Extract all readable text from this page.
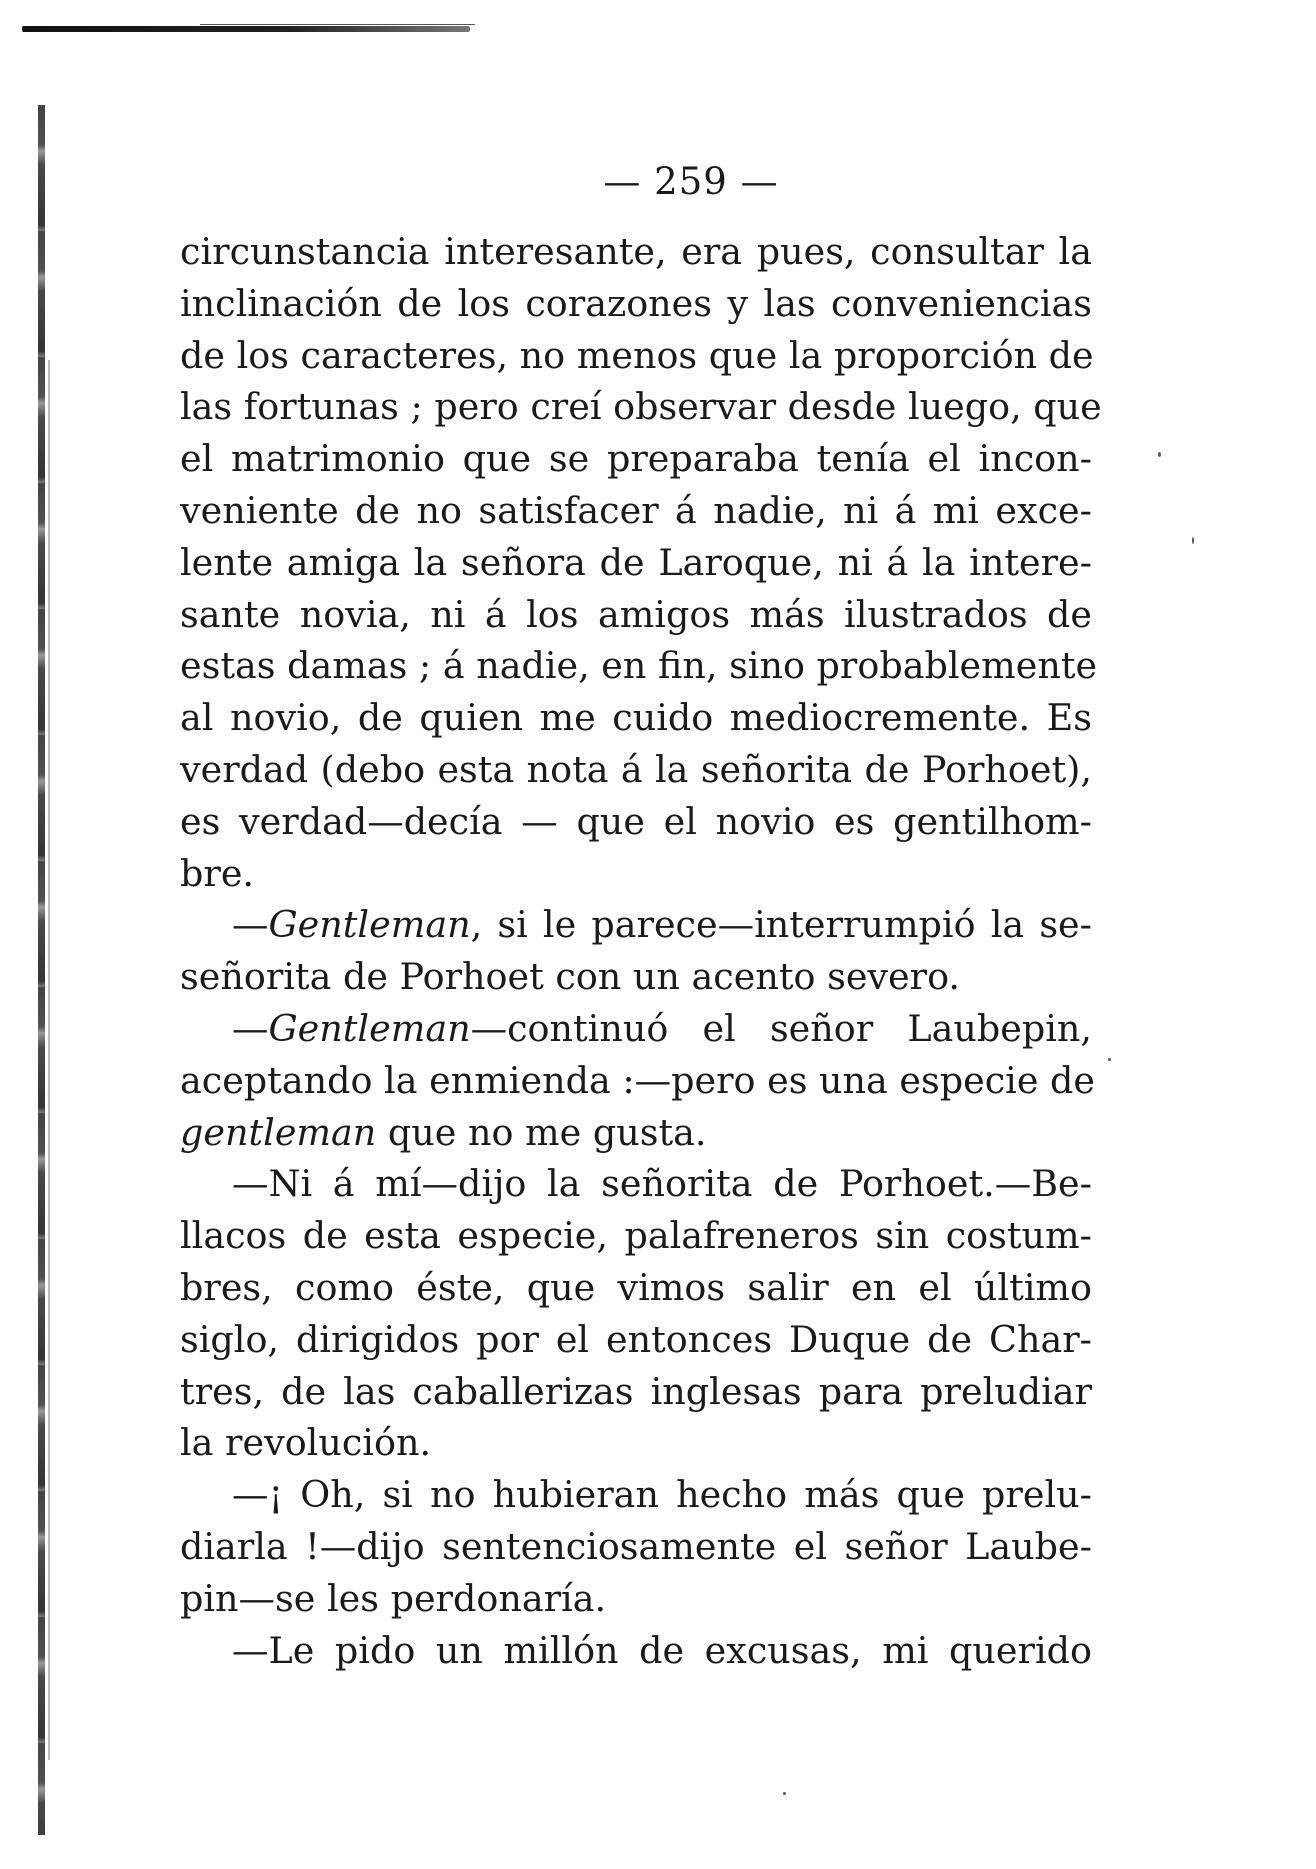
— 259 —
circunstancia interesante, era pues, consultar la
inclinación de los corazones y las conveniencias
de los caracteres, no menos que la proporción de
las fortunas ; pero creí observar desde luego, que
el matrimonio que se preparaba tenía el incon-
veniente de no satisfacer á nadie, ni á mi exce-
lente amiga la señora de Laroque, ni á la intere-
sante novia, ni á los amigos más ilustrados de
estas damas ; á nadie, en fin, sino probablemente
al novio, de quien me cuido mediocremente. Es
verdad (debo esta nota á la señorita de Porhoet),
es verdad—decía — que el novio es gentilhom-
bre.
—Gentleman, si le parece—interrumpió la se-
señorita de Porhoet con un acento severo.
—Gentleman—continuó el señor Laubepin,
aceptando la enmienda :—pero es una especie de
gentleman que no me gusta.
—Ni á mí—dijo la señorita de Porhoet.—Be-
llacos de esta especie, palafreneros sin costum-
bres, como éste, que vimos salir en el último
siglo, dirigidos por el entonces Duque de Char-
tres, de las caballerizas inglesas para preludiar
la revolución.
—¡ Oh, si no hubieran hecho más que prelu-
diarla !—dijo sentenciosamente el señor Laube-
pin—se les perdonaría.
—Le pido un millón de excusas, mi querido
